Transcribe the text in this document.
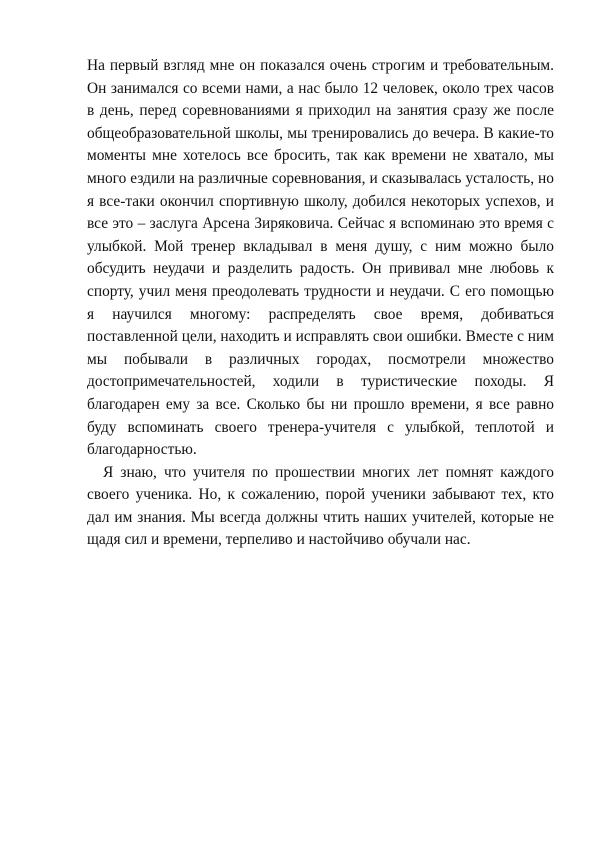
На первый взгляд мне он показался очень строгим и требовательным. Он занимался со всеми нами, а нас было 12 человек, около трех часов в день, перед соревнованиями я приходил на занятия сразу же после общеобразовательной школы, мы тренировались до вечера. В какие-то моменты мне хотелось все бросить, так как времени не хватало, мы много ездили на различные соревнования, и сказывалась усталость, но я все-таки окончил спортивную школу, добился некоторых успехов, и все это – заслуга Арсена Зиряковича. Сейчас я вспоминаю это время с улыбкой. Мой тренер вкладывал в меня душу, с ним можно было обсудить неудачи и разделить радость. Он прививал мне любовь к спорту, учил меня преодолевать трудности и неудачи. С его помощью я научился многому: распределять свое время, добиваться поставленной цели, находить и исправлять свои ошибки. Вместе с ним мы побывали в различных городах, посмотрели множество достопримечательностей, ходили в туристические походы. Я благодарен ему за все. Сколько бы ни прошло времени, я все равно буду вспоминать своего тренера-учителя с улыбкой, теплотой и благодарностью.

Я знаю, что учителя по прошествии многих лет помнят каждого своего ученика. Но, к сожалению, порой ученики забывают тех, кто дал им знания. Мы всегда должны чтить наших учителей, которые не щадя сил и времени, терпеливо и настойчиво обучали нас.
